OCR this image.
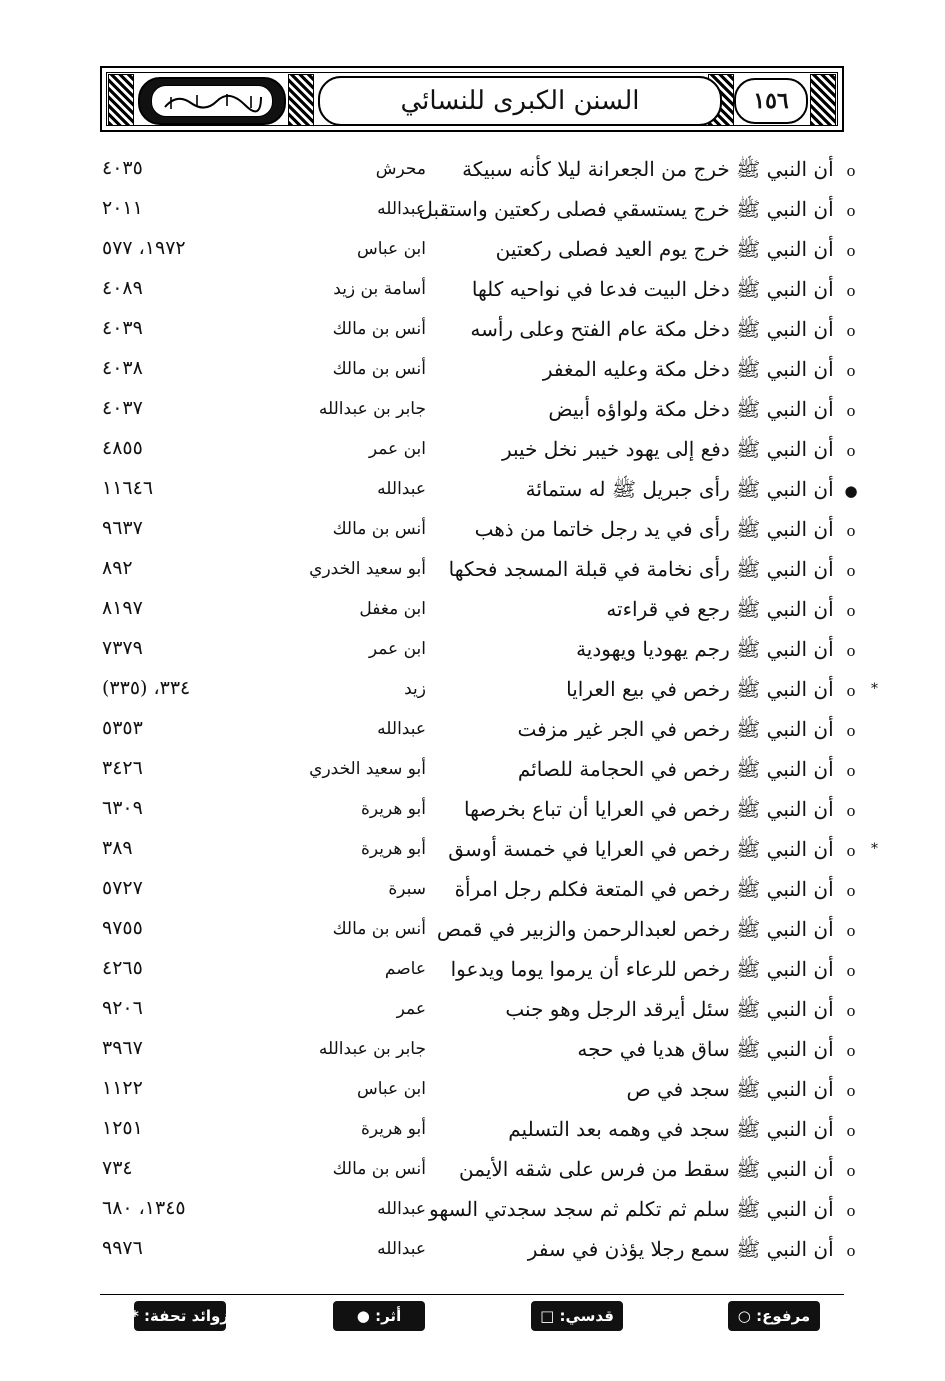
السنن الكبرى للنسائي	١٥٦
o أن النبي ﷺ خرج من الجعرانة ليلا كأنه سبيكة
محرش
٤٠٣٥
o أن النبي ﷺ خرج يستسقي فصلى ركعتين واستقبل
عبدالله
٢٠١١
o أن النبي ﷺ خرج يوم العيد فصلى ركعتين
ابن عباس
١٩٧٢، ٥٧٧
o أن النبي ﷺ دخل البيت فدعا في نواحيه كلها
أسامة بن زيد
٤٠٨٩
o أن النبي ﷺ دخل مكة عام الفتح وعلى رأسه
أنس بن مالك
٤٠٣٩
o أن النبي ﷺ دخل مكة وعليه المغفر
أنس بن مالك
٤٠٣٨
o أن النبي ﷺ دخل مكة ولواؤه أبيض
جابر بن عبدالله
٤٠٣٧
o أن النبي ﷺ دفع إلى يهود خيبر نخل خيبر
ابن عمر
٤٨٥٥
● أن النبي ﷺ رأى جبريل ﷺ له ستمائة
عبدالله
١١٦٤٦
o أن النبي ﷺ رأى في يد رجل خاتما من ذهب
أنس بن مالك
٩٦٣٧
o أن النبي ﷺ رأى نخامة في قبلة المسجد فحكها
أبو سعيد الخدري
٨٩٢
o أن النبي ﷺ رجع في قراءته
ابن مغفل
٨١٩٧
o أن النبي ﷺ رجم يهوديا ويهودية
ابن عمر
٧٣٧٩
*
o أن النبي ﷺ رخص في بيع العرايا
زيد
٣٣٤، (٣٣٥)
o أن النبي ﷺ رخص في الجر غير مزفت
عبدالله
٥٣٥٣
o أن النبي ﷺ رخص في الحجامة للصائم
أبو سعيد الخدري
٣٤٢٦
o أن النبي ﷺ رخص في العرايا أن تباع بخرصها
أبو هريرة
٦٣٠٩
*
o أن النبي ﷺ رخص في العرايا في خمسة أوسق
أبو هريرة
٣٨٩
o أن النبي ﷺ رخص في المتعة فكلم رجل امرأة
سبرة
٥٧٢٧
o أن النبي ﷺ رخص لعبدالرحمن والزبير في قمص
أنس بن مالك
٩٧٥٥
o أن النبي ﷺ رخص للرعاء أن يرموا يوما ويدعوا
عاصم
٤٢٦٥
o أن النبي ﷺ سئل أيرقد الرجل وهو جنب
عمر
٩٢٠٦
o أن النبي ﷺ ساق هديا في حجه
جابر بن عبدالله
٣٩٦٧
o أن النبي ﷺ سجد في ص
ابن عباس
١١٢٢
o أن النبي ﷺ سجد في وهمه بعد التسليم
أبو هريرة
١٢٥١
o أن النبي ﷺ سقط من فرس على شقه الأيمن
أنس بن مالك
٧٣٤
o أن النبي ﷺ سلم ثم تكلم ثم سجد سجدتي السهو
عبدالله
١٣٤٥، ٦٨٠
o أن النبي ﷺ سمع رجلا يؤذن في سفر
عبدالله
٩٩٧٦
مرفوع: ○
قدسي: □
أثر: ●
زوائد تحفة: *
